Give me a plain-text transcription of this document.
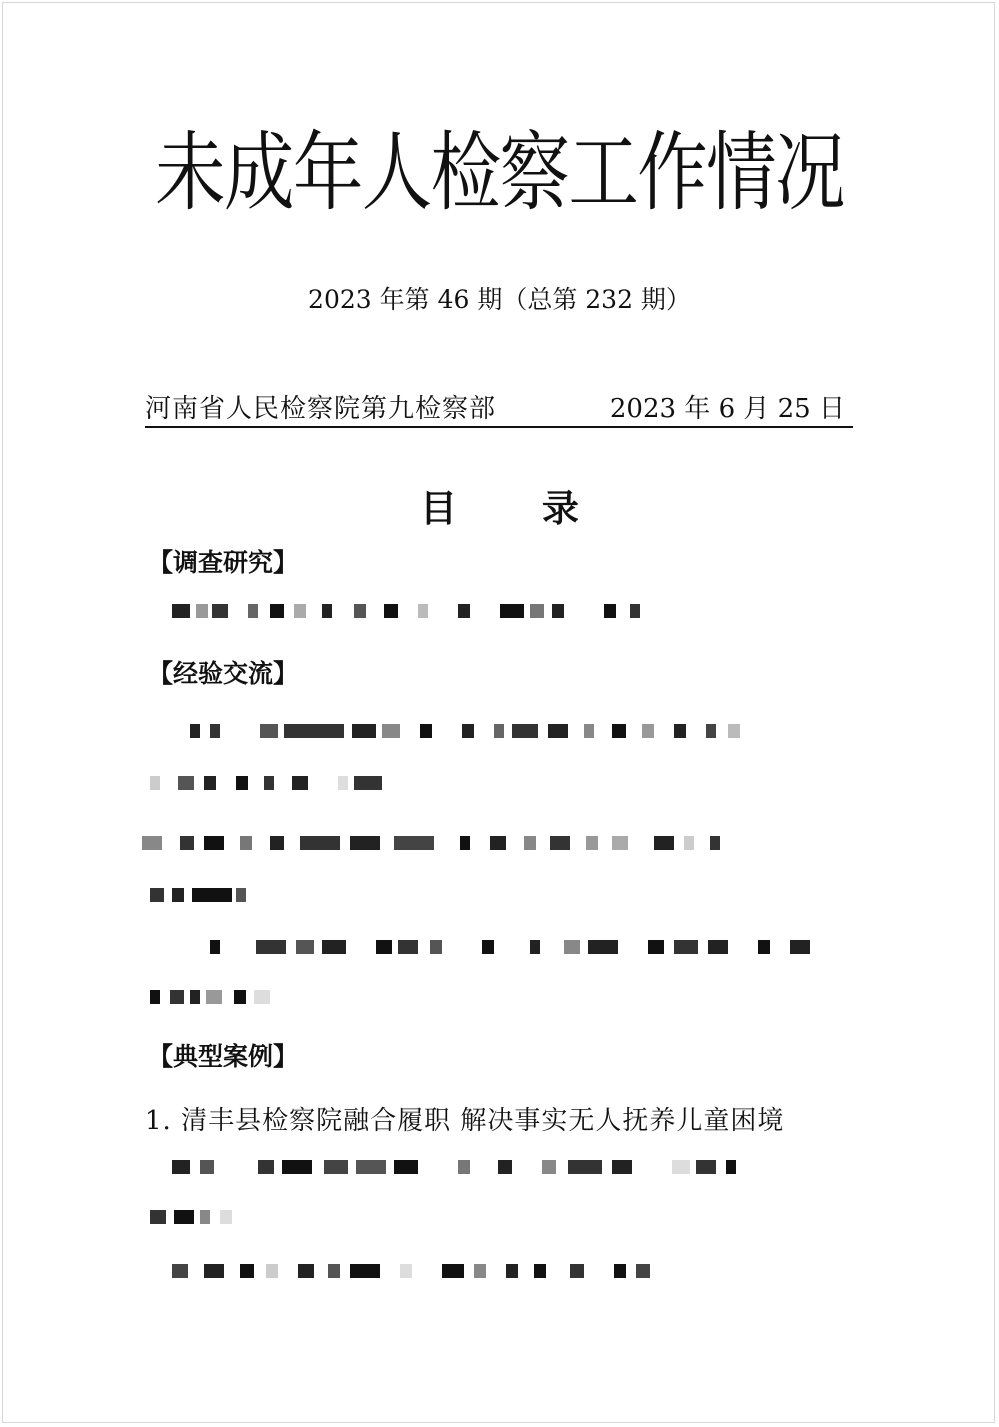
未成年人检察工作情况
2023 年第 46 期（总第 232 期）
河南省人民检察院第九检察部	2023 年 6 月 25 日
目 录
【调查研究】
【经验交流】
【典型案例】
1. 清丰县检察院融合履职 解决事实无人抚养儿童困境
